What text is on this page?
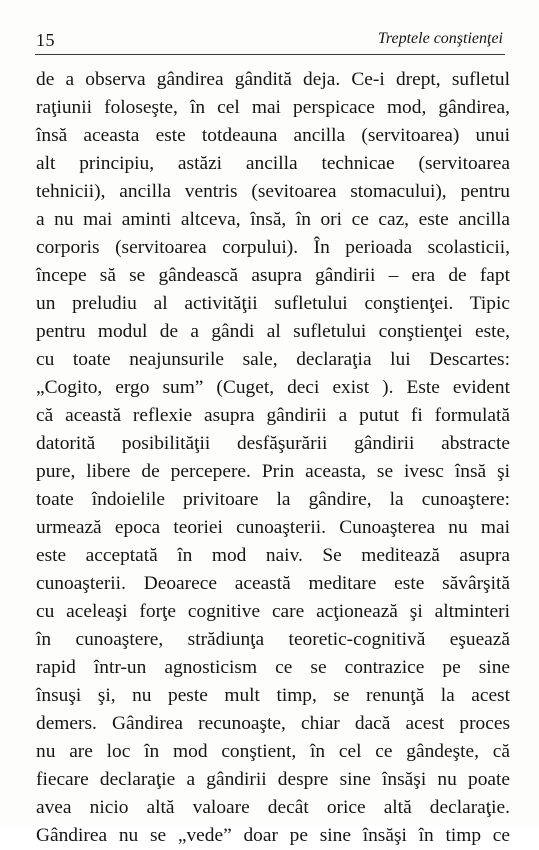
15	Treptele conştienţei
de a observa gândirea gândită deja. Ce-i drept, sufletul
raţiunii foloseşte, în cel mai perspicace mod, gândirea,
însă aceasta este totdeauna ancilla (servitoarea) unui
alt principiu, astăzi ancilla technicae (servitoarea
tehnicii), ancilla ventris (sevitoarea stomacului), pentru
a nu mai aminti altceva, însă, în ori ce caz, este ancilla
corporis (servitoarea corpului). În perioada scolasticii,
începe să se gândească asupra gândirii – era de fapt
un preludiu al activităţii sufletului conştienţei. Tipic
pentru modul de a gândi al sufletului conştienţei este,
cu toate neajunsurile sale, declaraţia lui Descartes:
„Cogito, ergo sum” (Cuget, deci exist ). Este evident
că această reflexie asupra gândirii a putut fi formulată
datorită posibilităţii desfăşurării gândirii abstracte
pure, libere de percepere. Prin aceasta, se ivesc însă şi
toate îndoielile privitoare la gândire, la cunoaştere:
urmează epoca teoriei cunoaşterii. Cunoaşterea nu mai
este acceptată în mod naiv. Se meditează asupra
cunoaşterii. Deoarece această meditare este săvârşită
cu aceleaşi forţe cognitive care acţionează şi altminteri
în cunoaştere, strădiunţa teoretic-cognitivă eşuează
rapid într-un agnosticism ce se contrazice pe sine
însuşi şi, nu peste mult timp, se renunţă la acest
demers. Gândirea recunoaşte, chiar dacă acest proces
nu are loc în mod conştient, în cel ce gândeşte, că
fiecare declaraţie a gândirii despre sine însăşi nu poate
avea nicio altă valoare decât orice altă declaraţie.
Gândirea nu se „vede” doar pe sine însăşi în timp ce
